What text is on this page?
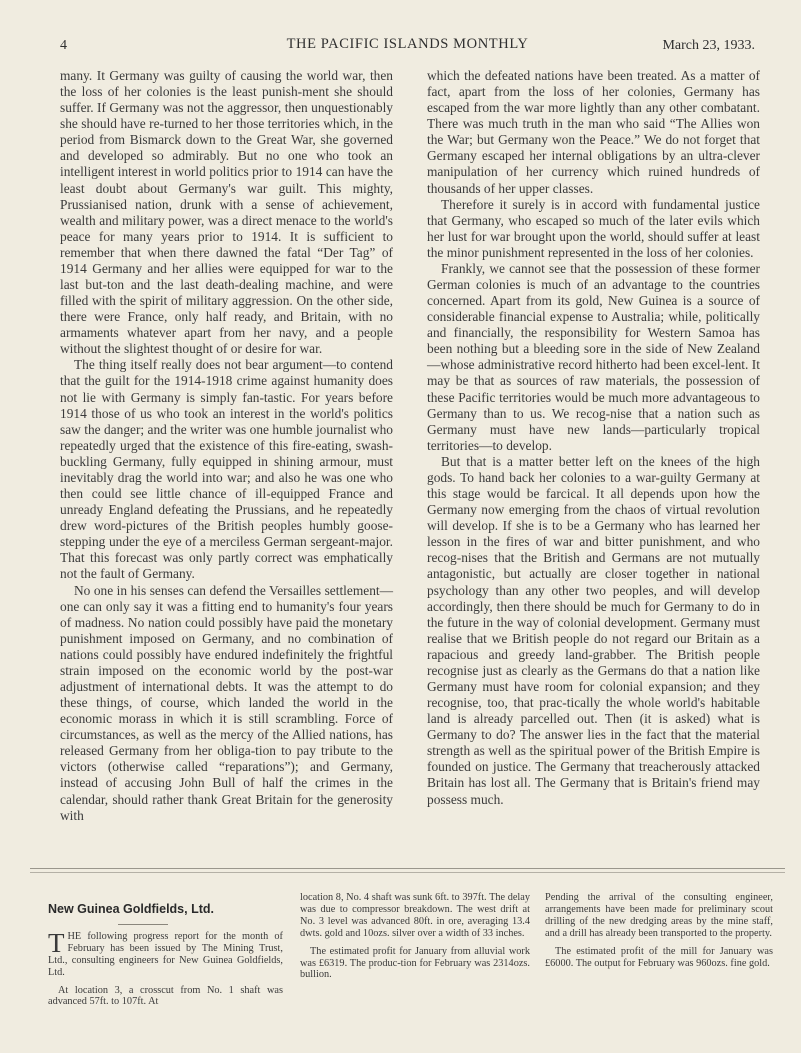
4	THE PACIFIC ISLANDS MONTHLY	March 23, 1933.

many. It Germany was guilty of causing the world war, then the loss of her colonies is the least punish-ment she should suffer. If Germany was not the aggressor, then unquestionably she should have re-turned to her those territories which, in the period from Bismarck down to the Great War, she governed and developed so admirably. But no one who took an intelligent interest in world politics prior to 1914 can have the least doubt about Germany's war guilt. This mighty, Prussianised nation, drunk with a sense of achievement, wealth and military power, was a direct menace to the world's peace for many years prior to 1914. It is sufficient to remember that when there dawned the fatal “Der Tag” of 1914 Germany and her allies were equipped for war to the last but-ton and the last death-dealing machine, and were filled with the spirit of military aggression. On the other side, there were France, only half ready, and Britain, with no armaments whatever apart from her navy, and a people without the slightest thought of or desire for war.

The thing itself really does not bear argument—to contend that the guilt for the 1914-1918 crime against humanity does not lie with Germany is simply fan-tastic. For years before 1914 those of us who took an interest in the world's politics saw the danger; and the writer was one humble journalist who repeatedly urged that the existence of this fire-eating, swash-buckling Germany, fully equipped in shining armour, must inevitably drag the world into war; and also he was one who then could see little chance of ill-equipped France and unready England defeating the Prussians, and he repeatedly drew word-pictures of the British peoples humbly goose-stepping under the eye of a merciless German sergeant-major. That this forecast was only partly correct was emphatically not the fault of Germany.

No one in his senses can defend the Versailles settlement—one can only say it was a fitting end to humanity's four years of madness. No nation could possibly have paid the monetary punishment imposed on Germany, and no combination of nations could possibly have endured indefinitely the frightful strain imposed on the economic world by the post-war adjustment of international debts. It was the attempt to do these things, of course, which landed the world in the economic morass in which it is still scrambling. Force of circumstances, as well as the mercy of the Allied nations, has released Germany from her obliga-tion to pay tribute to the victors (otherwise called “reparations”); and Germany, instead of accusing John Bull of half the crimes in the calendar, should rather thank Great Britain for the generosity with

which the defeated nations have been treated. As a matter of fact, apart from the loss of her colonies, Germany has escaped from the war more lightly than any other combatant. There was much truth in the man who said “The Allies won the War; but Germany won the Peace.” We do not forget that Germany escaped her internal obligations by an ultra-clever manipulation of her currency which ruined hundreds of thousands of her upper classes.

Therefore it surely is in accord with fundamental justice that Germany, who escaped so much of the later evils which her lust for war brought upon the world, should suffer at least the minor punishment represented in the loss of her colonies.

Frankly, we cannot see that the possession of these former German colonies is much of an advantage to the countries concerned. Apart from its gold, New Guinea is a source of considerable financial expense to Australia; while, politically and financially, the responsibility for Western Samoa has been nothing but a bleeding sore in the side of New Zealand—whose administrative record hitherto had been excel-lent. It may be that as sources of raw materials, the possession of these Pacific territories would be much more advantageous to Germany than to us. We recog-nise that a nation such as Germany must have new lands—particularly tropical territories—to develop.

But that is a matter better left on the knees of the high gods. To hand back her colonies to a war-guilty Germany at this stage would be farcical. It all depends upon how the Germany now emerging from the chaos of virtual revolution will develop. If she is to be a Germany who has learned her lesson in the fires of war and bitter punishment, and who recog-nises that the British and Germans are not mutually antagonistic, but actually are closer together in national psychology than any other two peoples, and will develop accordingly, then there should be much for Germany to do in the future in the way of colonial development. Germany must realise that we British people do not regard our Britain as a rapacious and greedy land-grabber. The British people recognise just as clearly as the Germans do that a nation like Germany must have room for colonial expansion; and they recognise, too, that prac-tically the whole world's habitable land is already parcelled out. Then (it is asked) what is Germany to do? The answer lies in the fact that the material strength as well as the spiritual power of the British Empire is founded on justice. The Germany that treacherously attacked Britain has lost all. The Germany that is Britain's friend may possess much.

New Guinea Goldfields, Ltd.

THE following progress report for the month of February has been issued by The Mining Trust, Ltd., consulting engineers for New Guinea Goldfields, Ltd.

At location 3, a crosscut from No. 1 shaft was advanced 57ft. to 107ft. At

location 8, No. 4 shaft was sunk 6ft. to 397ft. The delay was due to compressor breakdown. The west drift at No. 3 level was advanced 80ft. in ore, averaging 13.4 dwts. gold and 10ozs. silver over a width of 33 inches.

The estimated profit for January from alluvial work was £6319. The produc-tion for February was 2314ozs. bullion.

Pending the arrival of the consulting engineer, arrangements have been made for preliminary scout drilling of the new dredging areas by the mine staff, and a drill has already been transported to the property.

The estimated profit of the mill for January was £6000. The output for February was 960ozs. fine gold.
